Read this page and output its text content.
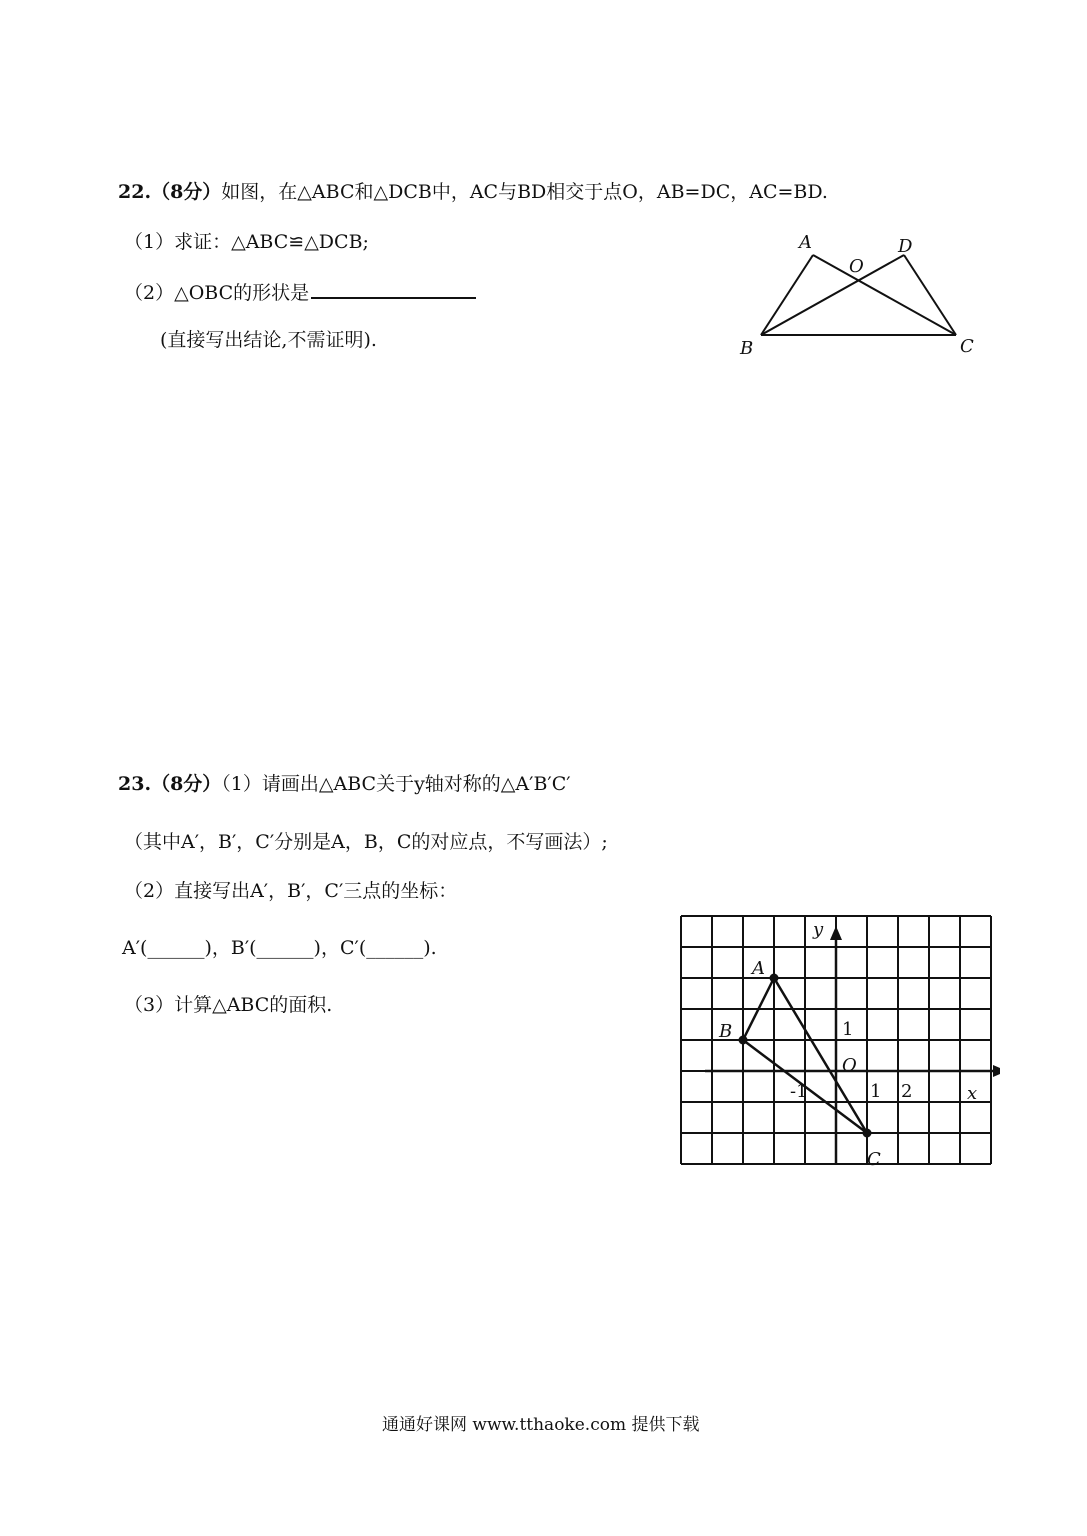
22.（8分）如图，在△ABC和△DCB中，AC与BD相交于点O，AB=DC，AC=BD.
（1）求证：△ABC≌△DCB;
（2）△OBC的形状是
(直接写出结论,不需证明).
A	D
O
B	C
23.（8分）（1）请画出△ABC关于y轴对称的△A′B′C′
（其中A′，B′，C′分别是A，B，C的对应点，不写画法）;
（2）直接写出A′，B′，C′三点的坐标：
A′(______)，B′(______)，C′(______).
（3）计算△ABC的面积.
y
x
A
B
C
O
1
1 2
-1
通通好课网 www.tthaoke.com 提供下载
